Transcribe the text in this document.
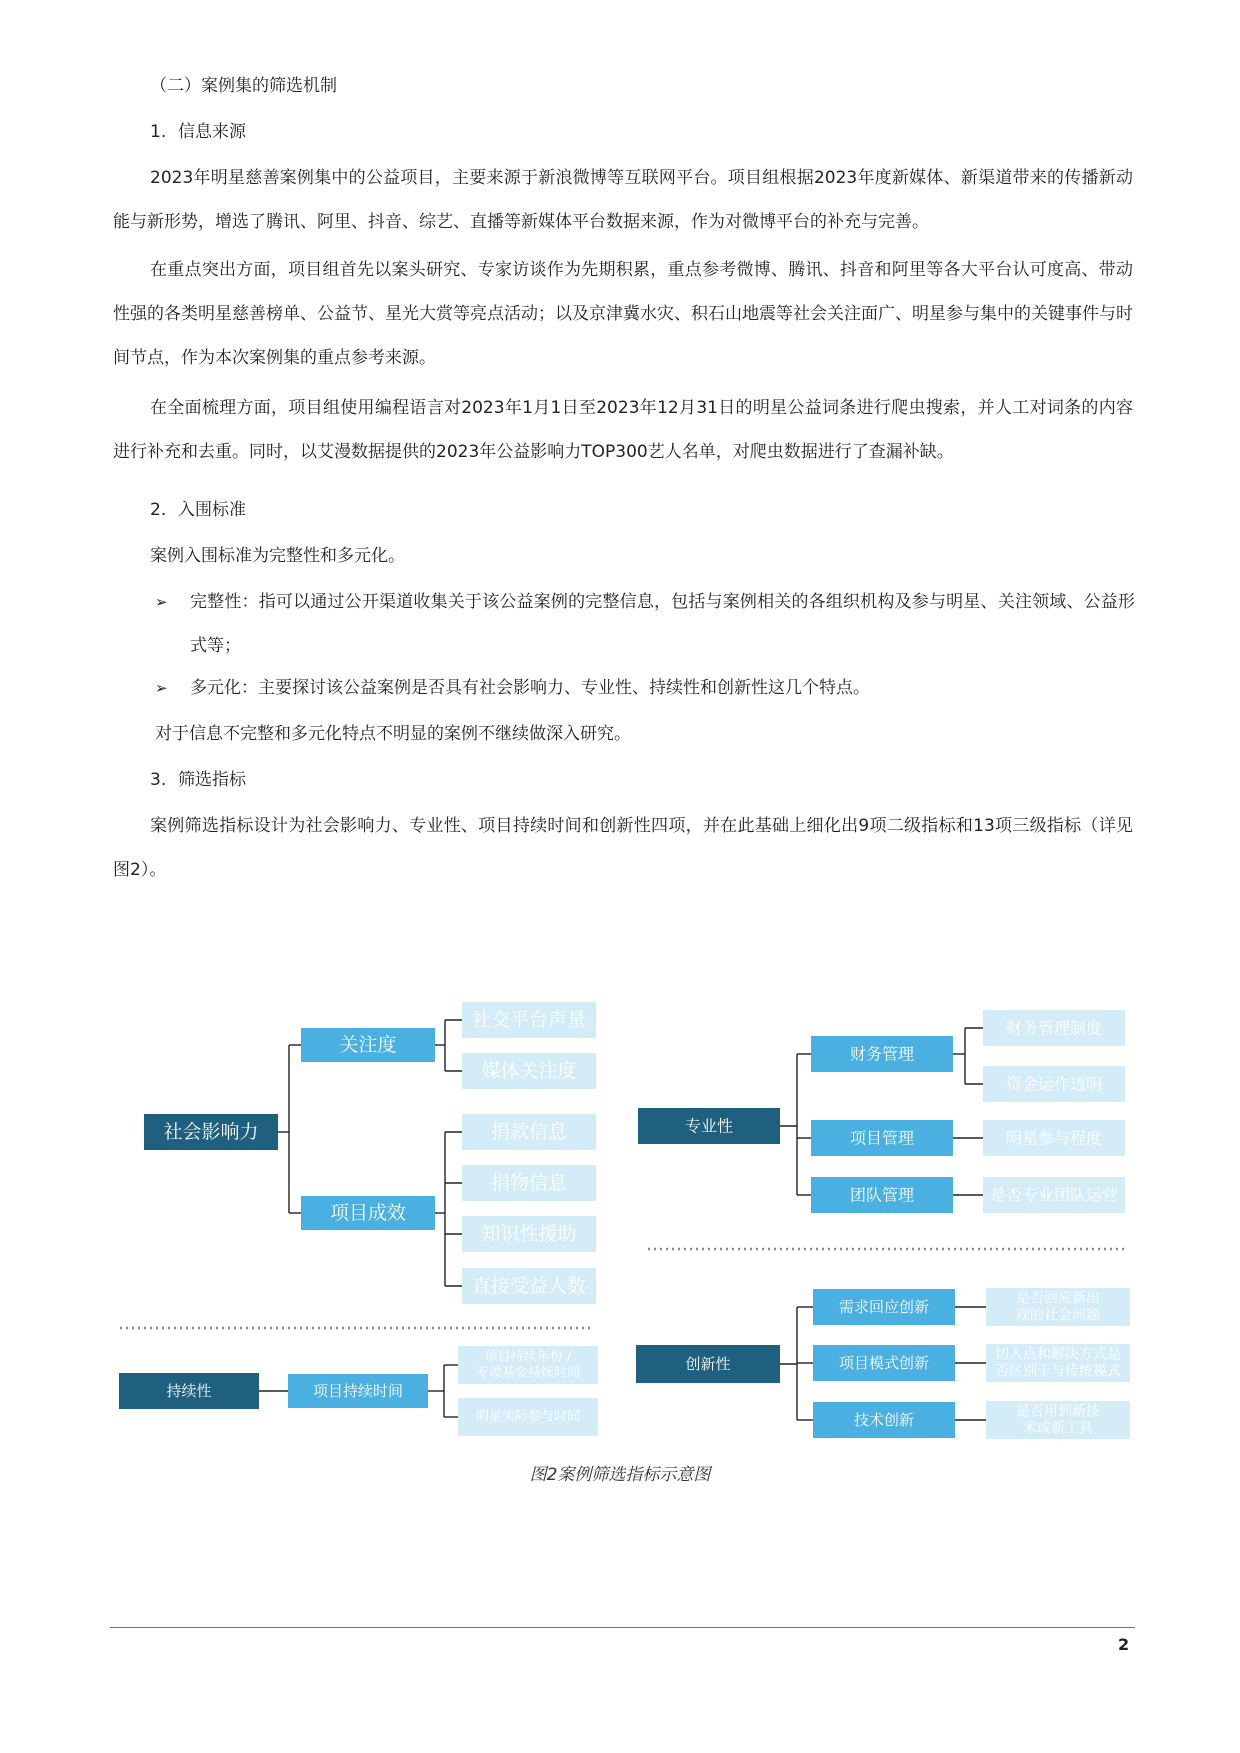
（二）案例集的筛选机制
1. 信息来源
2023年明星慈善案例集中的公益项目，主要来源于新浪微博等互联网平台。项目组根据2023年度新媒体、新渠道带来的传播新动能与新形势，增选了腾讯、阿里、抖音、综艺、直播等新媒体平台数据来源，作为对微博平台的补充与完善。
在重点突出方面，项目组首先以案头研究、专家访谈作为先期积累，重点参考微博、腾讯、抖音和阿里等各大平台认可度高、带动性强的各类明星慈善榜单、公益节、星光大赏等亮点活动；以及京津冀水灾、积石山地震等社会关注面广、明星参与集中的关键事件与时间节点，作为本次案例集的重点参考来源。
在全面梳理方面，项目组使用编程语言对2023年1月1日至2023年12月31日的明星公益词条进行爬虫搜索，并人工对词条的内容进行补充和去重。同时，以艾漫数据提供的2023年公益影响力TOP300艺人名单，对爬虫数据进行了查漏补缺。
2. 入围标准
案例入围标准为完整性和多元化。
➢ 完整性：指可以通过公开渠道收集关于该公益案例的完整信息，包括与案例相关的各组织机构及参与明星、关注领域、公益形式等；
➢ 多元化：主要探讨该公益案例是否具有社会影响力、专业性、持续性和创新性这几个特点。
对于信息不完整和多元化特点不明显的案例不继续做深入研究。
3. 筛选指标
案例筛选指标设计为社会影响力、专业性、项目持续时间和创新性四项，并在此基础上细化出9项二级指标和13项三级指标（详见图2）。
社会影响力
关注度
社交平台声量
媒体关注度
项目成效
捐款信息
捐物信息
知识性援助
直接受益人数
专业性
财务管理
财务管理制度
资金运作透明
项目管理	明星参与程度
团队管理	是否专业团队运营
持续性	项目持续时间
项目持续年份 /
专项基金持续时间
明星实际参与时间
创新性
需求回应创新	是否回应新出
现的社会问题
项目模式创新	切入点和解决方式是
否区别于与传统模式
技术创新	是否用到新技
术或新工具
图2案例筛选指标示意图
2
